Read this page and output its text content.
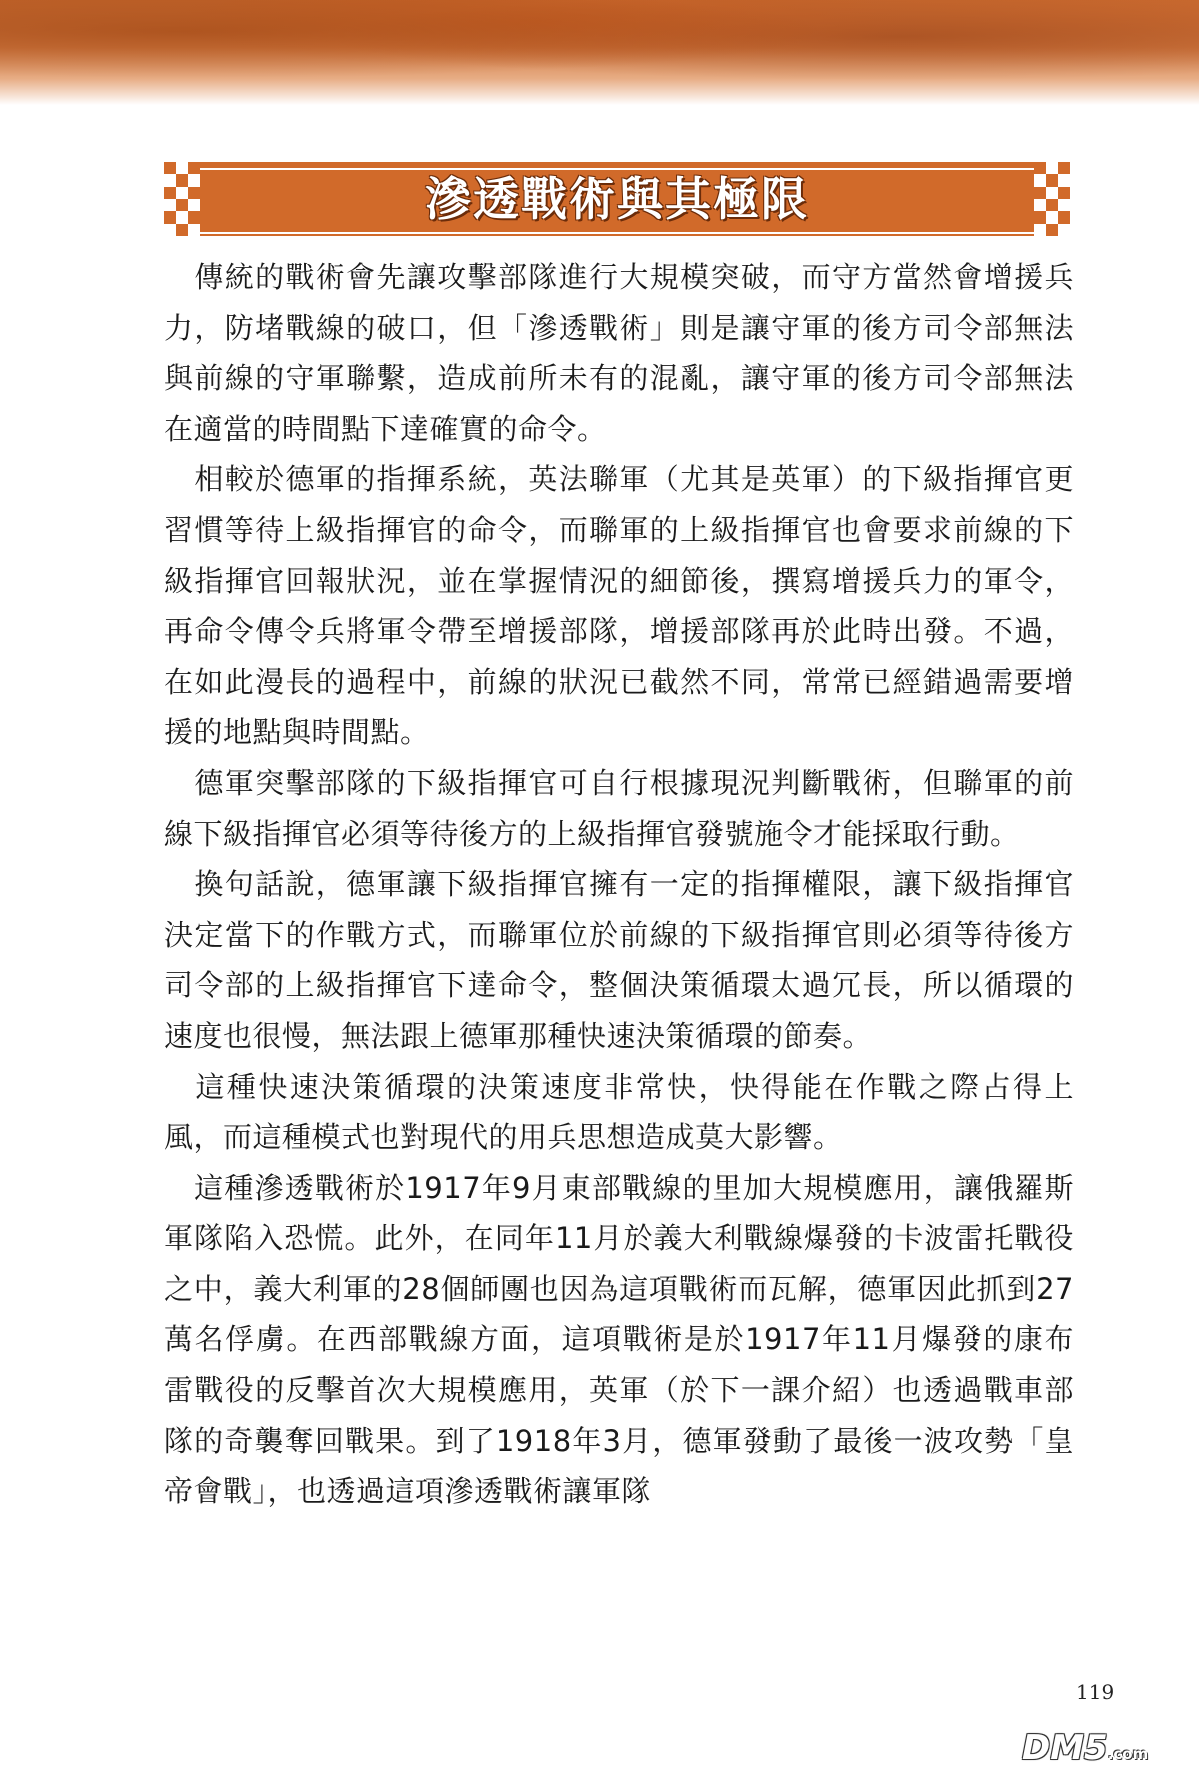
滲透戰術與其極限

　傳統的戰術會先讓攻擊部隊進行大規模突破，而守方當然會增援兵力，防堵戰線的破口，但「滲透戰術」則是讓守軍的後方司令部無法與前線的守軍聯繫，造成前所未有的混亂，讓守軍的後方司令部無法在適當的時間點下達確實的命令。

　相較於德軍的指揮系統，英法聯軍（尤其是英軍）的下級指揮官更習慣等待上級指揮官的命令，而聯軍的上級指揮官也會要求前線的下級指揮官回報狀況，並在掌握情況的細節後，撰寫增援兵力的軍令，再命令傳令兵將軍令帶至增援部隊，增援部隊再於此時出發。不過，在如此漫長的過程中，前線的狀況已截然不同，常常已經錯過需要增援的地點與時間點。

　德軍突擊部隊的下級指揮官可自行根據現況判斷戰術，但聯軍的前線下級指揮官必須等待後方的上級指揮官發號施令才能採取行動。

　換句話說，德軍讓下級指揮官擁有一定的指揮權限，讓下級指揮官決定當下的作戰方式，而聯軍位於前線的下級指揮官則必須等待後方司令部的上級指揮官下達命令，整個決策循環太過冗長，所以循環的速度也很慢，無法跟上德軍那種快速決策循環的節奏。

　這種快速決策循環的決策速度非常快，快得能在作戰之際占得上風，而這種模式也對現代的用兵思想造成莫大影響。

　這種滲透戰術於1917年9月東部戰線的里加大規模應用，讓俄羅斯軍隊陷入恐慌。此外，在同年11月於義大利戰線爆發的卡波雷托戰役之中，義大利軍的28個師團也因為這項戰術而瓦解，德軍因此抓到27萬名俘虜。在西部戰線方面，這項戰術是於1917年11月爆發的康布雷戰役的反擊首次大規模應用，英軍（於下一課介紹）也透過戰車部隊的奇襲奪回戰果。到了1918年3月，德軍發動了最後一波攻勢「皇帝會戰」，也透過這項滲透戰術讓軍隊

119
DM5.com
